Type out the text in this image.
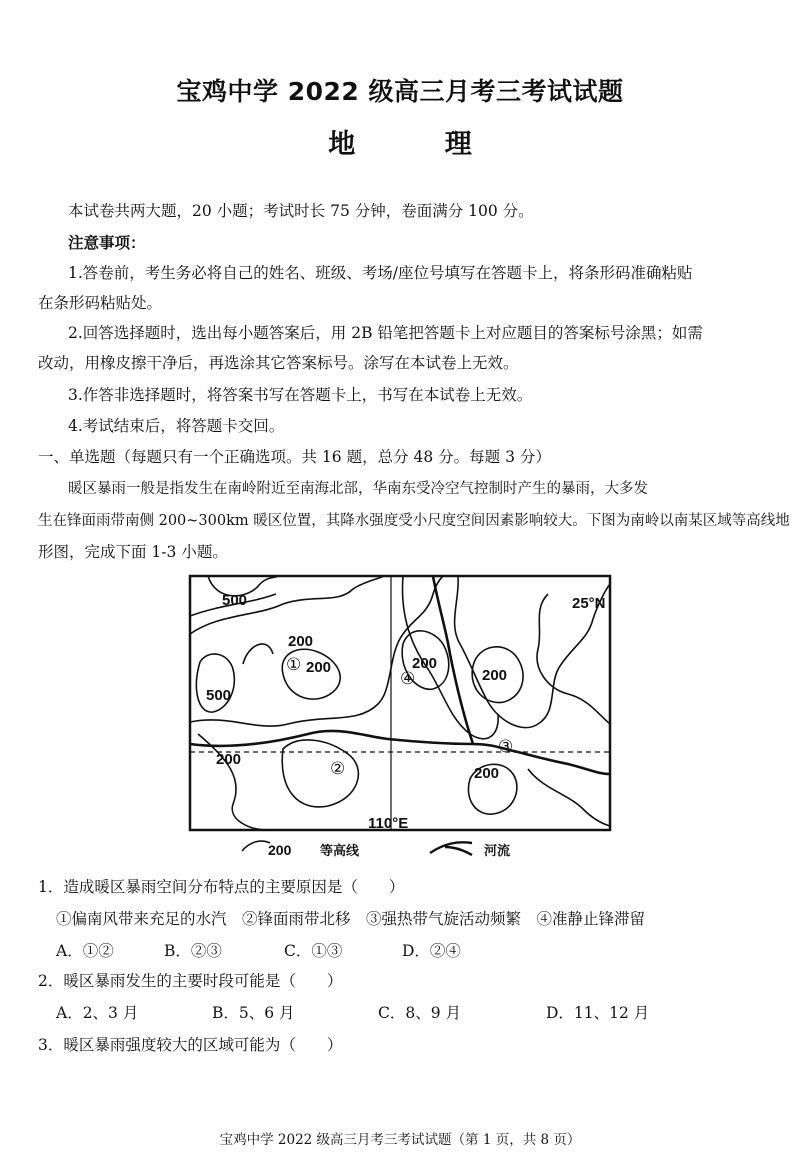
宝鸡中学 2022 级高三月考三考试试题
地 理
本试卷共两大题，20 小题；考试时长 75 分钟，卷面满分 100 分。
注意事项：
1.答卷前，考生务必将自己的姓名、班级、考场/座位号填写在答题卡上，将条形码准确粘贴
在条形码粘贴处。
2.回答选择题时，选出每小题答案后，用 2B 铅笔把答题卡上对应题目的答案标号涂黑；如需
改动，用橡皮擦干净后，再选涂其它答案标号。涂写在本试卷上无效。
3.作答非选择题时，将答案书写在答题卡上，书写在本试卷上无效。
4.考试结束后，将答题卡交回。
一、单选题（每题只有一个正确选项。共 16 题，总分 48 分。每题 3 分）
暖区暴雨一般是指发生在南岭附近至南海北部，华南东受冷空气控制时产生的暴雨，大多发
生在锋面雨带南侧 200~300km 暖区位置，其降水强度受小尺度空间因素影响较大。下图为南岭以南某区域等高线地
形图，完成下面 1-3 小题。
500
200
200
500
200
200
200
200
25°N
110°E
①
②
③
④
200 等高线	河流
1．造成暖区暴雨空间分布特点的主要原因是（　　）
①偏南风带来充足的水汽　②锋面雨带北移　③强热带气旋活动频繁　④准静止锋滞留
A．①②	B．②③	C．①③	D．②④
2．暖区暴雨发生的主要时段可能是（　　）
A．2、3 月	B．5、6 月	C．8、9 月	D．11、12 月
3．暖区暴雨强度较大的区域可能为（　　）
宝鸡中学 2022 级高三月考三考试试题（第 1 页，共 8 页）
